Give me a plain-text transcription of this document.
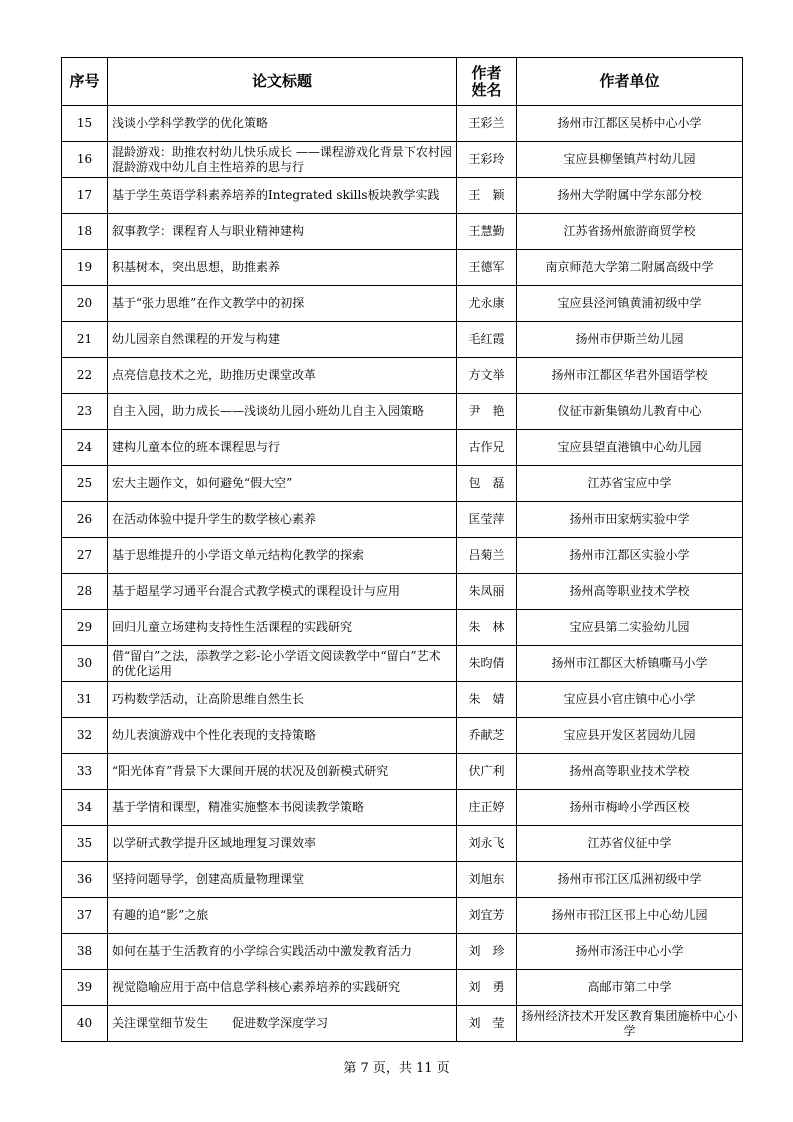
序号	论文标题	作者姓名	作者单位
15	浅谈小学科学教学的优化策略	王彩兰	扬州市江都区吴桥中心小学
16	混龄游戏：助推农村幼儿快乐成长 ——课程游戏化背景下农村园混龄游戏中幼儿自主性培养的思与行	王彩玲	宝应县柳堡镇芦村幼儿园
17	基于学生英语学科素养培养的Integrated skills板块教学实践	王　颖	扬州大学附属中学东部分校
18	叙事教学：课程育人与职业精神建构	王慧勤	江苏省扬州旅游商贸学校
19	积基树本，突出思想，助推素养	王德军	南京师范大学第二附属高级中学
20	基于“张力思维”在作文教学中的初探	尤永康	宝应县泾河镇黄浦初级中学
21	幼儿园亲自然课程的开发与构建	毛红霞	扬州市伊斯兰幼儿园
22	点亮信息技术之光，助推历史课堂改革	方文举	扬州市江都区华君外国语学校
23	自主入园，助力成长——浅谈幼儿园小班幼儿自主入园策略	尹　艳	仪征市新集镇幼儿教育中心
24	建构儿童本位的班本课程思与行	古作兄	宝应县望直港镇中心幼儿园
25	宏大主题作文，如何避免“假大空”	包　磊	江苏省宝应中学
26	在活动体验中提升学生的数学核心素养	匡莹萍	扬州市田家炳实验中学
27	基于思维提升的小学语文单元结构化教学的探索	吕菊兰	扬州市江都区实验小学
28	基于超星学习通平台混合式教学模式的课程设计与应用	朱凤丽	扬州高等职业技术学校
29	回归儿童立场建构支持性生活课程的实践研究	朱　林	宝应县第二实验幼儿园
30	借“留白”之法，添教学之彩-论小学语文阅读教学中“留白”艺术的优化运用	朱昀倩	扬州市江都区大桥镇嘶马小学
31	巧构数学活动，让高阶思维自然生长	朱　婧	宝应县小官庄镇中心小学
32	幼儿表演游戏中个性化表现的支持策略	乔献芝	宝应县开发区茗园幼儿园
33	“阳光体育”背景下大课间开展的状况及创新模式研究	伏广利	扬州高等职业技术学校
34	基于学情和课型，精准实施整本书阅读教学策略	庄正婷	扬州市梅岭小学西区校
35	以学研式教学提升区域地理复习课效率	刘永飞	江苏省仪征中学
36	坚持问题导学，创建高质量物理课堂	刘旭东	扬州市邗江区瓜洲初级中学
37	有趣的追“影”之旅	刘宜芳	扬州市邗江区邗上中心幼儿园
38	如何在基于生活教育的小学综合实践活动中激发教育活力	刘　珍	扬州市汤汪中心小学
39	视觉隐喻应用于高中信息学科核心素养培养的实践研究	刘　勇	高邮市第二中学
40	关注课堂细节发生　　促进数学深度学习	刘　莹	扬州经济技术开发区教育集团施桥中心小学
第 7 页，共 11 页
